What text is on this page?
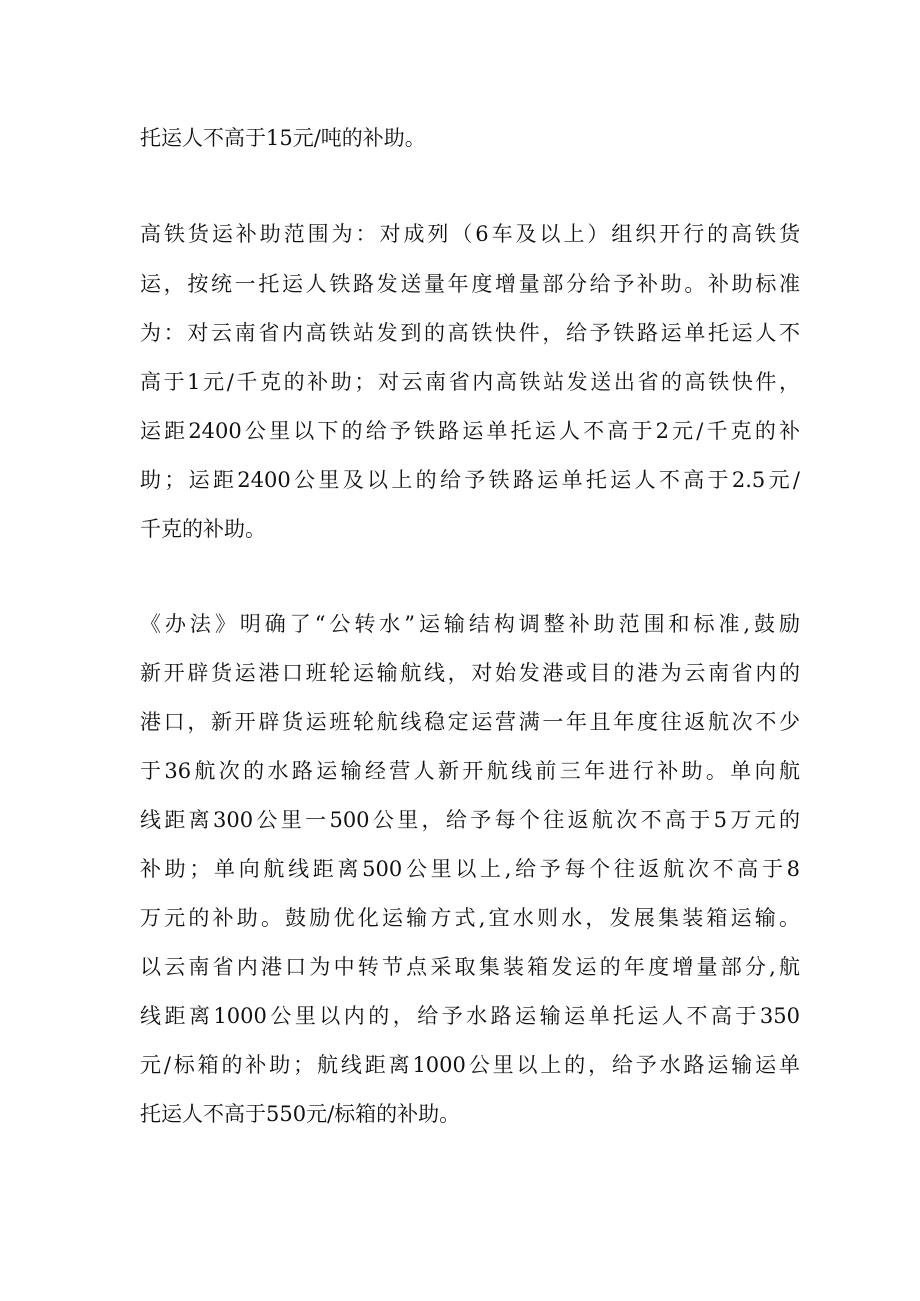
托运人不高于15元/吨的补助。
高铁货运补助范围为：对成列（6车及以上）组织开行的高铁货
运，按统一托运人铁路发送量年度增量部分给予补助。补助标准
为：对云南省内高铁站发到的高铁快件，给予铁路运单托运人不
高于1元/千克的补助；对云南省内高铁站发送出省的高铁快件，
运距2400公里以下的给予铁路运单托运人不高于2元/千克的补
助；运距2400公里及以上的给予铁路运单托运人不高于2.5元/
千克的补助。
《办法》明确了“公转水”运输结构调整补助范围和标准,鼓励
新开辟货运港口班轮运输航线，对始发港或目的港为云南省内的
港口，新开辟货运班轮航线稳定运营满一年且年度往返航次不少
于36航次的水路运输经营人新开航线前三年进行补助。单向航
线距离300公里一500公里，给予每个往返航次不高于5万元的
补助；单向航线距离500公里以上,给予每个往返航次不高于8
万元的补助。鼓励优化运输方式,宜水则水，发展集装箱运输。
以云南省内港口为中转节点采取集装箱发运的年度增量部分,航
线距离1000公里以内的，给予水路运输运单托运人不高于350
元/标箱的补助；航线距离1000公里以上的，给予水路运输运单
托运人不高于550元/标箱的补助。
